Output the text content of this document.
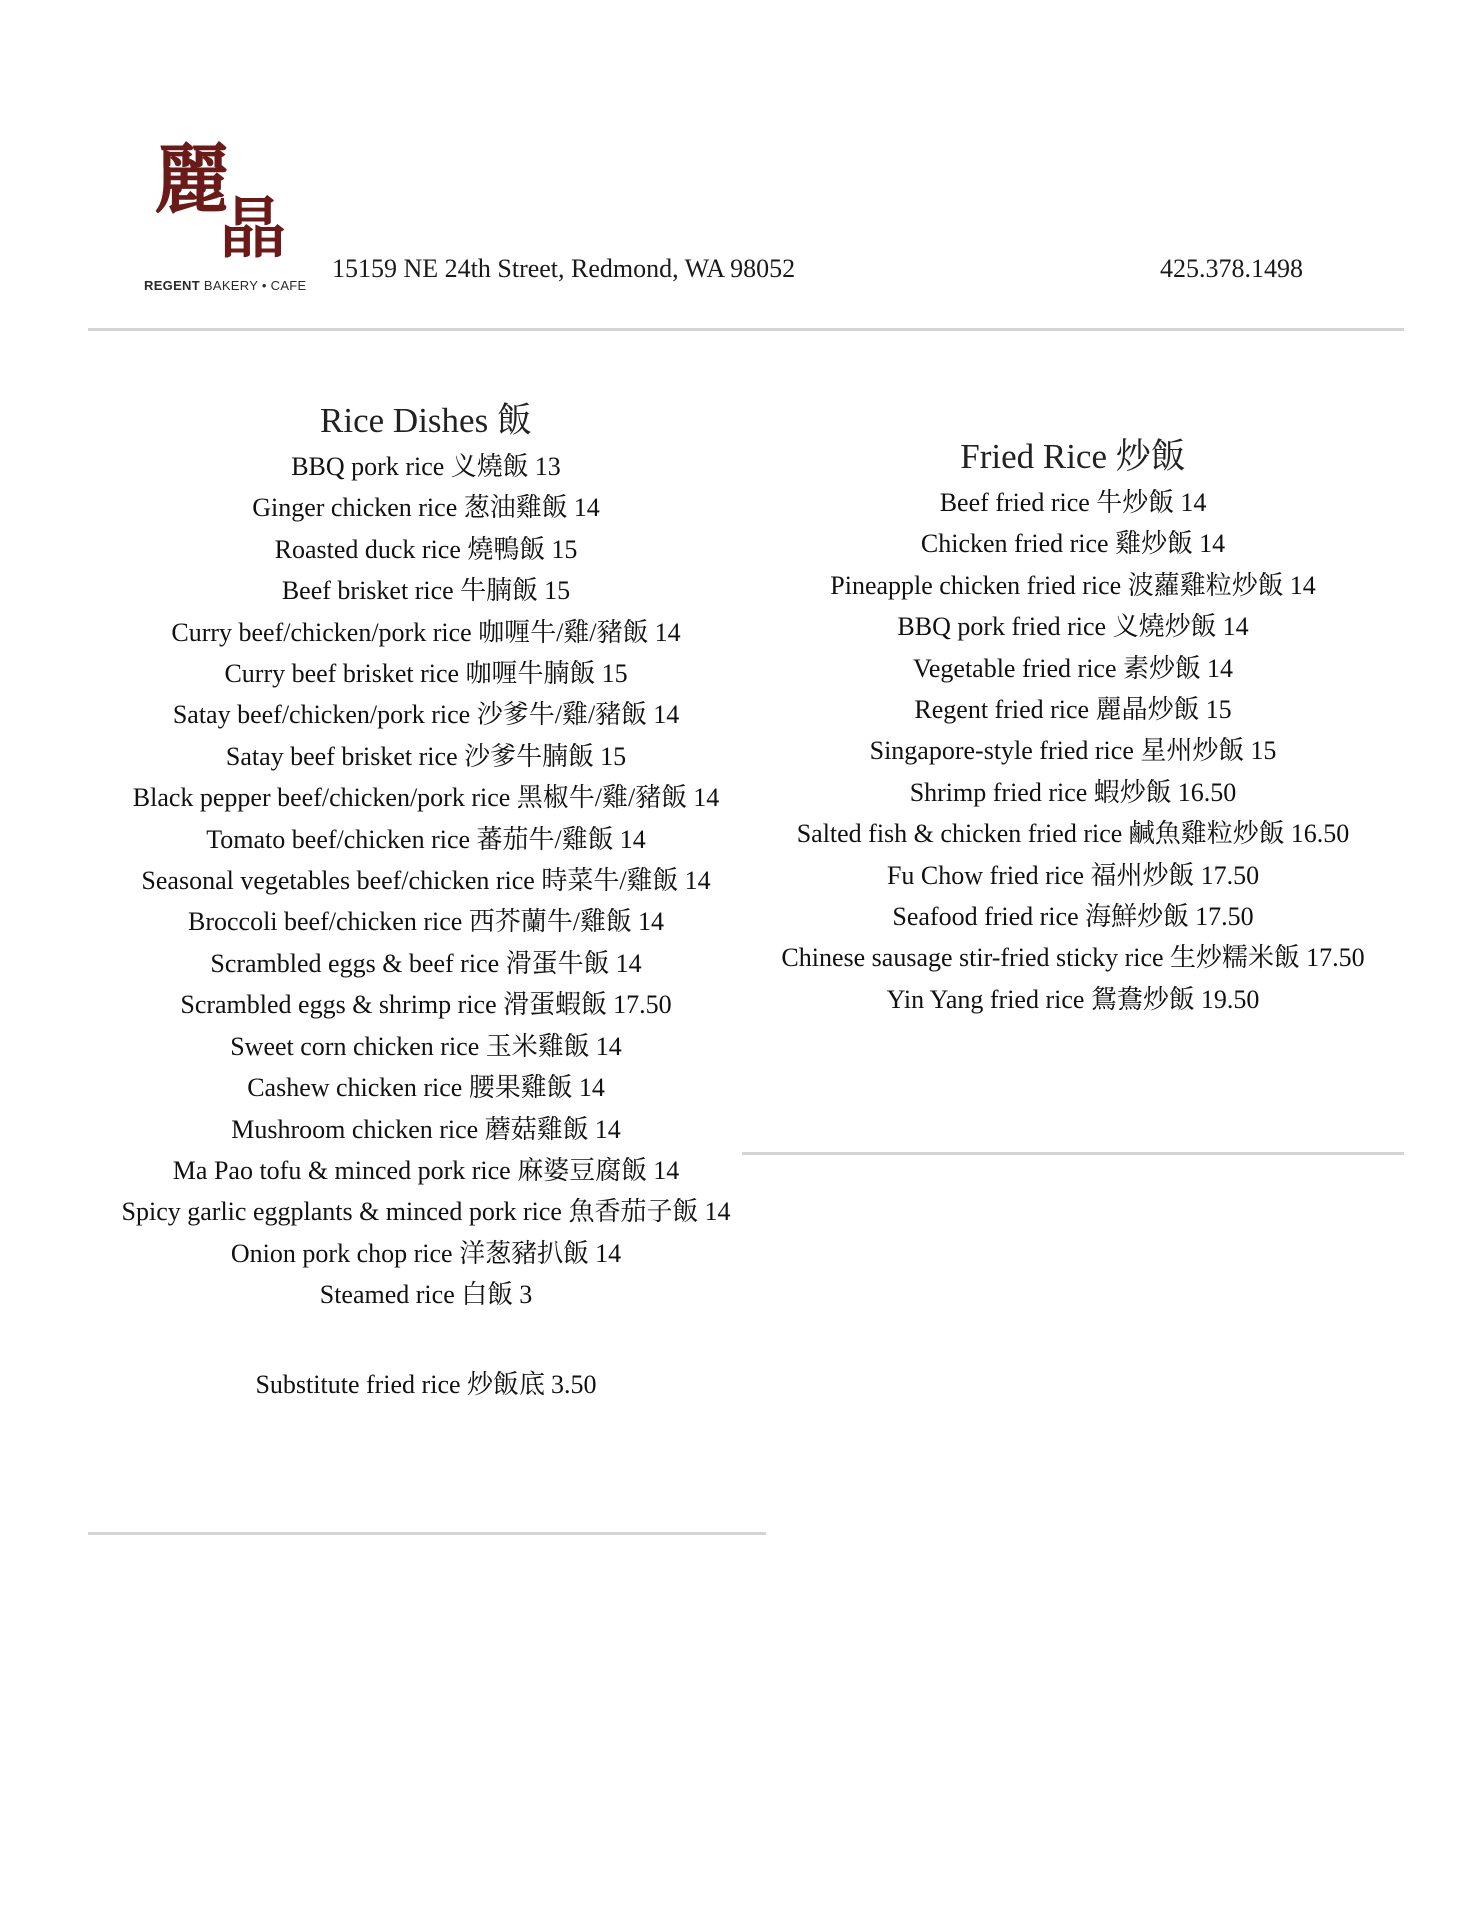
麗
晶
REGENT BAKERY • CAFE
15159 NE 24th Street, Redmond, WA 98052	425.378.1498
Rice Dishes 飯
BBQ pork rice 义燒飯 13
Ginger chicken rice 葱油雞飯 14
Roasted duck rice 燒鴨飯 15
Beef brisket rice 牛腩飯 15
Curry beef/chicken/pork rice 咖喱牛/雞/豬飯 14
Curry beef brisket rice 咖喱牛腩飯 15
Satay beef/chicken/pork rice 沙爹牛/雞/豬飯 14
Satay beef brisket rice 沙爹牛腩飯 15
Black pepper beef/chicken/pork rice 黑椒牛/雞/豬飯 14
Tomato beef/chicken rice 蕃茄牛/雞飯 14
Seasonal vegetables beef/chicken rice 時菜牛/雞飯 14
Broccoli beef/chicken rice 西芥蘭牛/雞飯 14
Scrambled eggs & beef rice 滑蛋牛飯 14
Scrambled eggs & shrimp rice 滑蛋蝦飯 17.50
Sweet corn chicken rice 玉米雞飯 14
Cashew chicken rice 腰果雞飯 14
Mushroom chicken rice 蘑菇雞飯 14
Ma Pao tofu & minced pork rice 麻婆豆腐飯 14
Spicy garlic eggplants & minced pork rice 魚香茄子飯 14
Onion pork chop rice 洋葱豬扒飯 14
Steamed rice 白飯 3
Substitute fried rice 炒飯底 3.50
Fried Rice 炒飯
Beef fried rice 牛炒飯 14
Chicken fried rice 雞炒飯 14
Pineapple chicken fried rice 波蘿雞粒炒飯 14
BBQ pork fried rice 义燒炒飯 14
Vegetable fried rice 素炒飯 14
Regent fried rice 麗晶炒飯 15
Singapore-style fried rice 星州炒飯 15
Shrimp fried rice 蝦炒飯 16.50
Salted fish & chicken fried rice 鹹魚雞粒炒飯 16.50
Fu Chow fried rice 福州炒飯 17.50
Seafood fried rice 海鮮炒飯 17.50
Chinese sausage stir-fried sticky rice 生炒糯米飯 17.50
Yin Yang fried rice 鴛鴦炒飯 19.50
